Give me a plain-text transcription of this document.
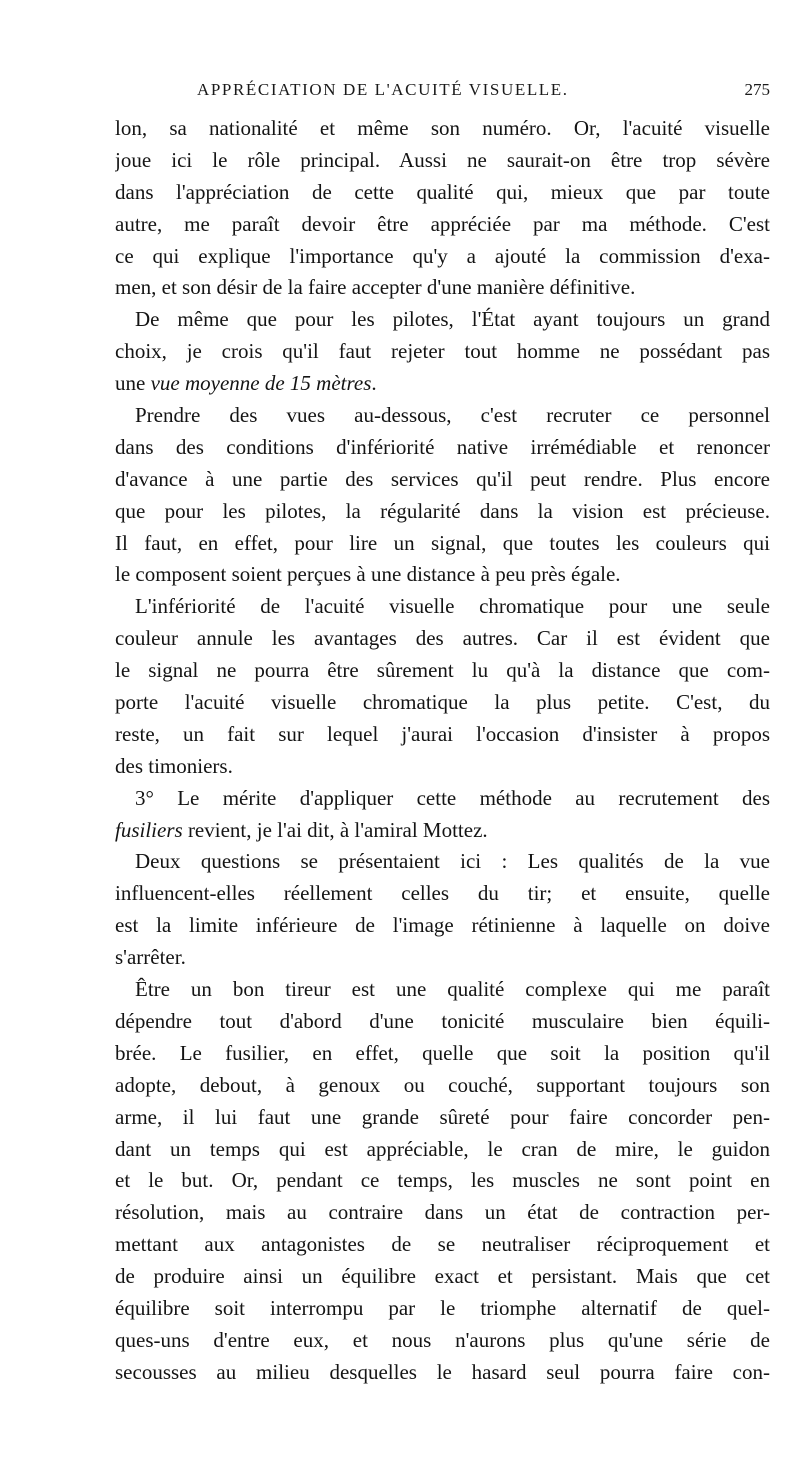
APPRÉCIATION DE L'ACUITÉ VISUELLE.	275
lon, sa nationalité et même son numéro. Or, l'acuité visuelle
joue ici le rôle principal. Aussi ne saurait-on être trop sévère
dans l'appréciation de cette qualité qui, mieux que par toute
autre, me paraît devoir être appréciée par ma méthode. C'est
ce qui explique l'importance qu'y a ajouté la commission d'exa-
men, et son désir de la faire accepter d'une manière définitive.
De même que pour les pilotes, l'État ayant toujours un grand
choix, je crois qu'il faut rejeter tout homme ne possédant pas
une vue moyenne de 15 mètres.
Prendre des vues au-dessous, c'est recruter ce personnel
dans des conditions d'infériorité native irrémédiable et renoncer
d'avance à une partie des services qu'il peut rendre. Plus encore
que pour les pilotes, la régularité dans la vision est précieuse.
Il faut, en effet, pour lire un signal, que toutes les couleurs qui
le composent soient perçues à une distance à peu près égale.
L'infériorité de l'acuité visuelle chromatique pour une seule
couleur annule les avantages des autres. Car il est évident que
le signal ne pourra être sûrement lu qu'à la distance que com-
porte l'acuité visuelle chromatique la plus petite. C'est, du
reste, un fait sur lequel j'aurai l'occasion d'insister à propos
des timoniers.
3° Le mérite d'appliquer cette méthode au recrutement des
fusiliers revient, je l'ai dit, à l'amiral Mottez.
Deux questions se présentaient ici : Les qualités de la vue
influencent-elles réellement celles du tir; et ensuite, quelle
est la limite inférieure de l'image rétinienne à laquelle on doive
s'arrêter.
Être un bon tireur est une qualité complexe qui me paraît
dépendre tout d'abord d'une tonicité musculaire bien équili-
brée. Le fusilier, en effet, quelle que soit la position qu'il
adopte, debout, à genoux ou couché, supportant toujours son
arme, il lui faut une grande sûreté pour faire concorder pen-
dant un temps qui est appréciable, le cran de mire, le guidon
et le but. Or, pendant ce temps, les muscles ne sont point en
résolution, mais au contraire dans un état de contraction per-
mettant aux antagonistes de se neutraliser réciproquement et
de produire ainsi un équilibre exact et persistant. Mais que cet
équilibre soit interrompu par le triomphe alternatif de quel-
ques-uns d'entre eux, et nous n'aurons plus qu'une série de
secousses au milieu desquelles le hasard seul pourra faire con-
